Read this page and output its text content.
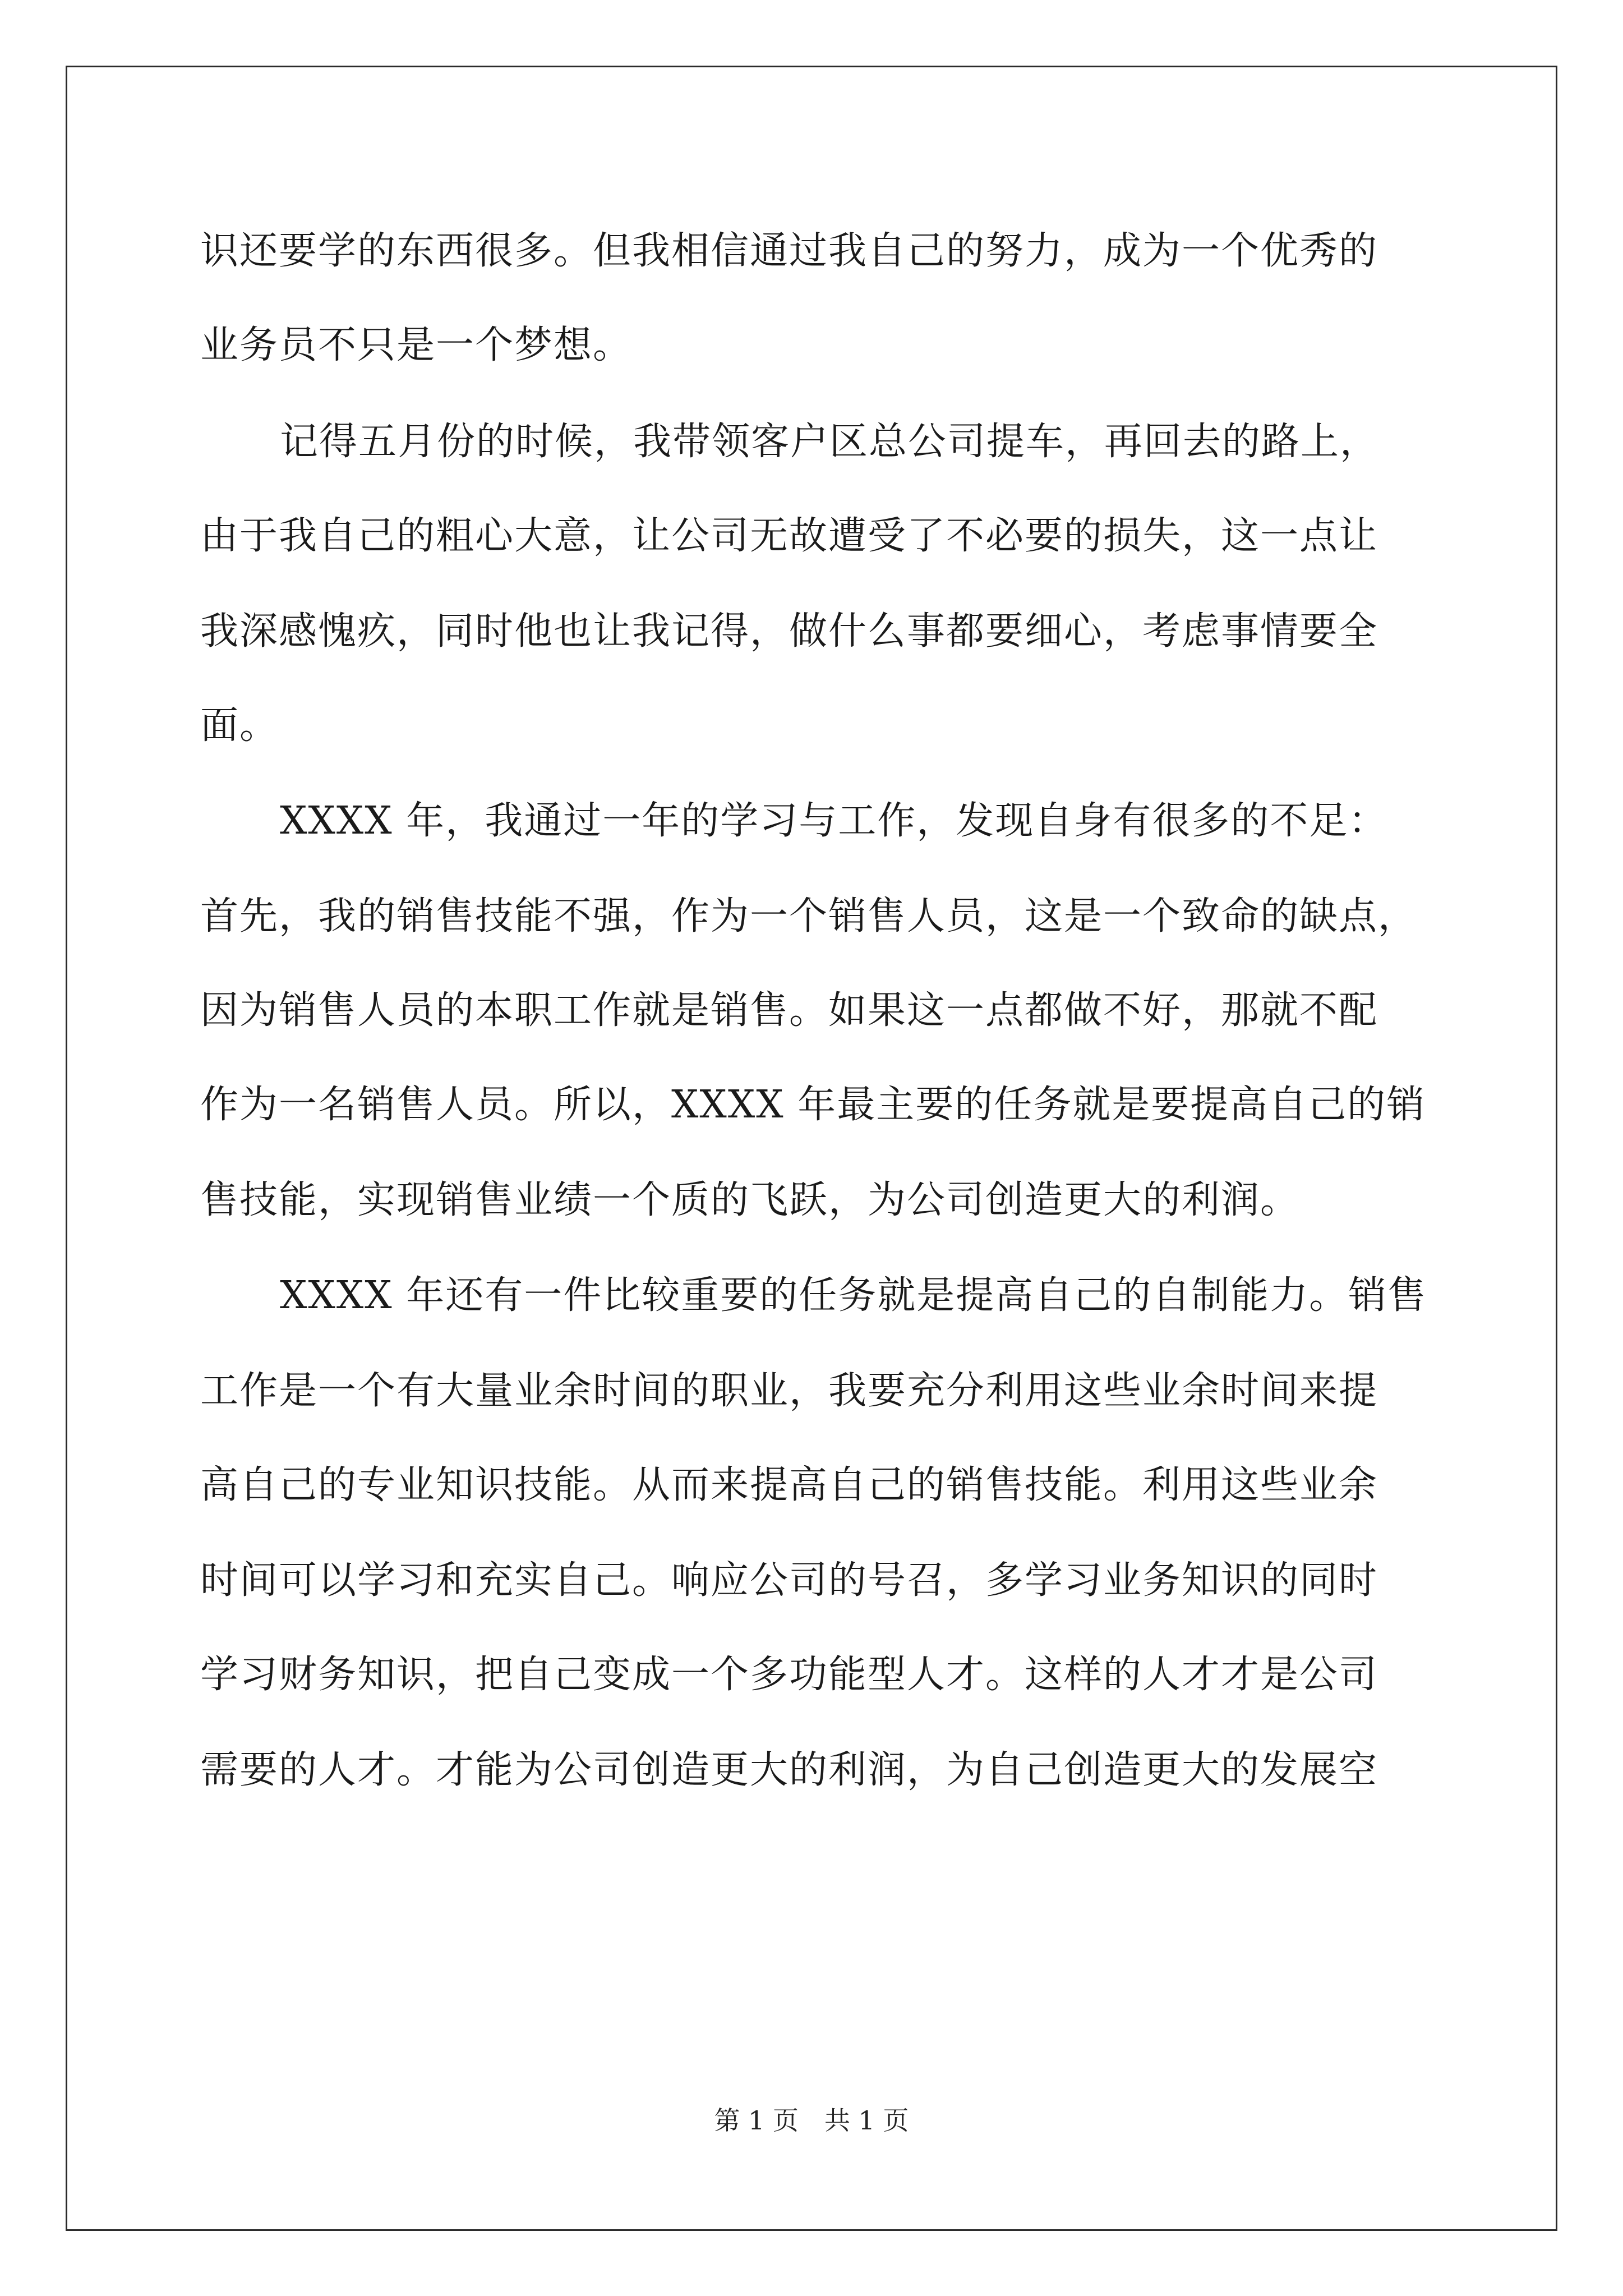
识还要学的东西很多。但我相信通过我自己的努力，成为一个优秀的

业务员不只是一个梦想。

记得五月份的时候，我带领客户区总公司提车，再回去的路上，

由于我自己的粗心大意，让公司无故遭受了不必要的损失，这一点让

我深感愧疚，同时他也让我记得，做什么事都要细心，考虑事情要全

面。

XXXX 年，我通过一年的学习与工作，发现自身有很多的不足：

首先，我的销售技能不强，作为一个销售人员，这是一个致命的缺点，

因为销售人员的本职工作就是销售。如果这一点都做不好，那就不配

作为一名销售人员。所以，XXXX 年最主要的任务就是要提高自己的销

售技能，实现销售业绩一个质的飞跃，为公司创造更大的利润。

XXXX 年还有一件比较重要的任务就是提高自己的自制能力。销售

工作是一个有大量业余时间的职业，我要充分利用这些业余时间来提

高自己的专业知识技能。从而来提高自己的销售技能。利用这些业余

时间可以学习和充实自己。响应公司的号召，多学习业务知识的同时

学习财务知识，把自己变成一个多功能型人才。这样的人才才是公司

需要的人才。才能为公司创造更大的利润，为自己创造更大的发展空

第 1 页　共 1 页
